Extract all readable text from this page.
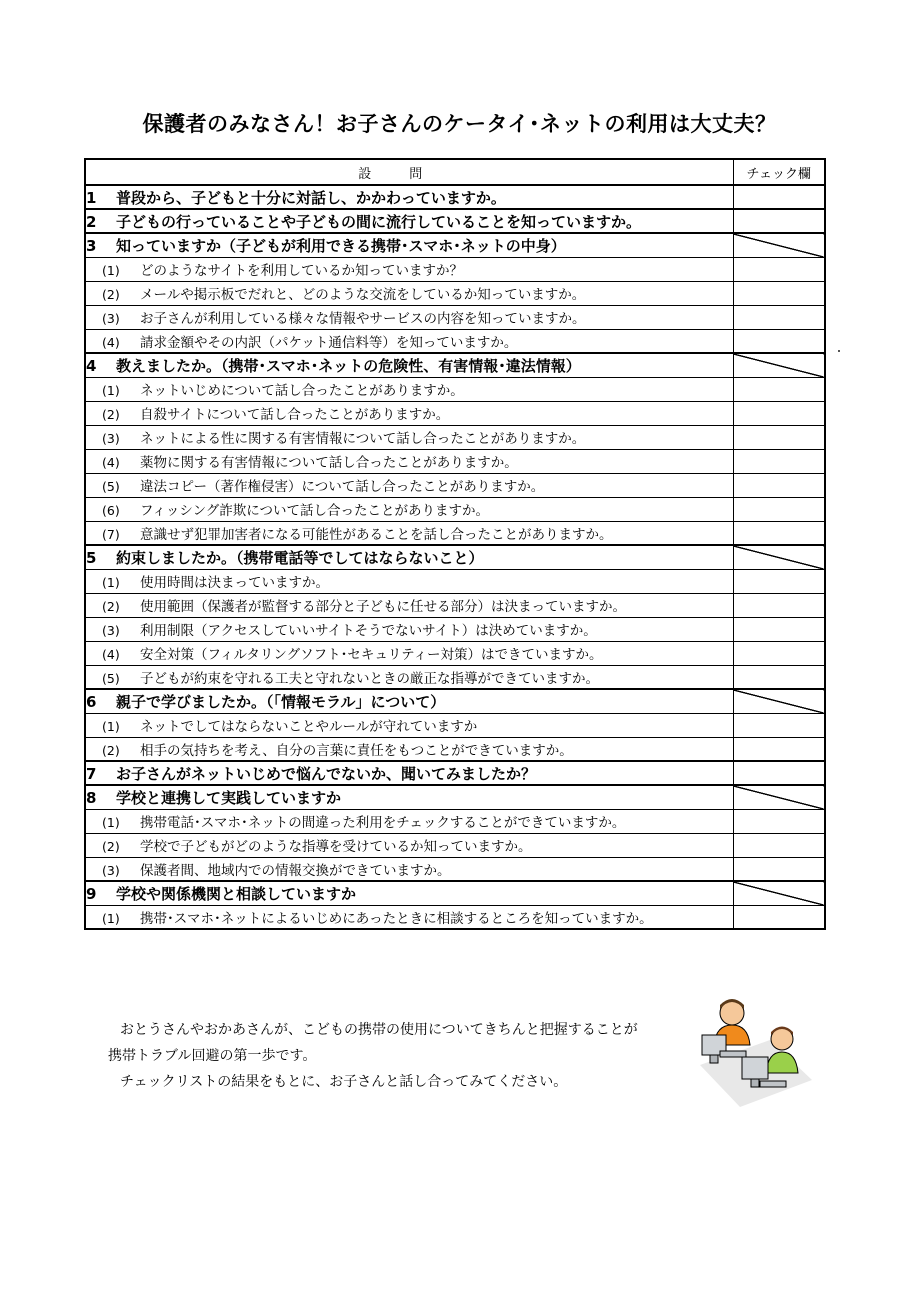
保護者のみなさん！お子さんのケータイ･ネットの利用は大丈夫？
設問	チェック欄
1 普段から、子どもと十分に対話し、かかわっていますか。	
2 子どもの行っていることや子どもの間に流行していることを知っていますか。	
3 知っていますか（子どもが利用できる携帯･スマホ･ネットの中身）	
(1) どのようなサイトを利用しているか知っていますか？	
(2) メールや掲示板でだれと、どのような交流をしているか知っていますか。	
(3) お子さんが利用している様々な情報やサービスの内容を知っていますか。	
(4) 請求金額やその内訳（パケット通信料等）を知っていますか。	
4 教えましたか。（携帯･スマホ･ネットの危険性、有害情報･違法情報）	
(1) ネットいじめについて話し合ったことがありますか。	
(2) 自殺サイトについて話し合ったことがありますか。	
(3) ネットによる性に関する有害情報について話し合ったことがありますか。	
(4) 薬物に関する有害情報について話し合ったことがありますか。	
(5) 違法コピー（著作権侵害）について話し合ったことがありますか。	
(6) フィッシング詐欺について話し合ったことがありますか。	
(7) 意識せず犯罪加害者になる可能性があることを話し合ったことがありますか。	
5 約束しましたか。（携帯電話等でしてはならないこと）	
(1) 使用時間は決まっていますか。	
(2) 使用範囲（保護者が監督する部分と子どもに任せる部分）は決まっていますか。	
(3) 利用制限（アクセスしていいサイトそうでないサイト）は決めていますか。	
(4) 安全対策（フィルタリングソフト･セキュリティー対策）はできていますか。	
(5) 子どもが約束を守れる工夫と守れないときの厳正な指導ができていますか。	
6 親子で学びましたか。（「情報モラル」について）	
(1) ネットでしてはならないことやルールが守れていますか	
(2) 相手の気持ちを考え、自分の言葉に責任をもつことができていますか。	
7 お子さんがネットいじめで悩んでないか、聞いてみましたか？	
8 学校と連携して実践していますか	
(1) 携帯電話･スマホ･ネットの間違った利用をチェックすることができていますか。	
(2) 学校で子どもがどのような指導を受けているか知っていますか。	
(3) 保護者間、地域内での情報交換ができていますか。	
9 学校や関係機関と相談していますか	
(1) 携帯･スマホ･ネットによるいじめにあったときに相談するところを知っていますか。	

おとうさんやおかあさんが、こどもの携帯の使用についてきちんと把握することが

携帯トラブル回避の第一歩です。

チェックリストの結果をもとに、お子さんと話し合ってみてください。
